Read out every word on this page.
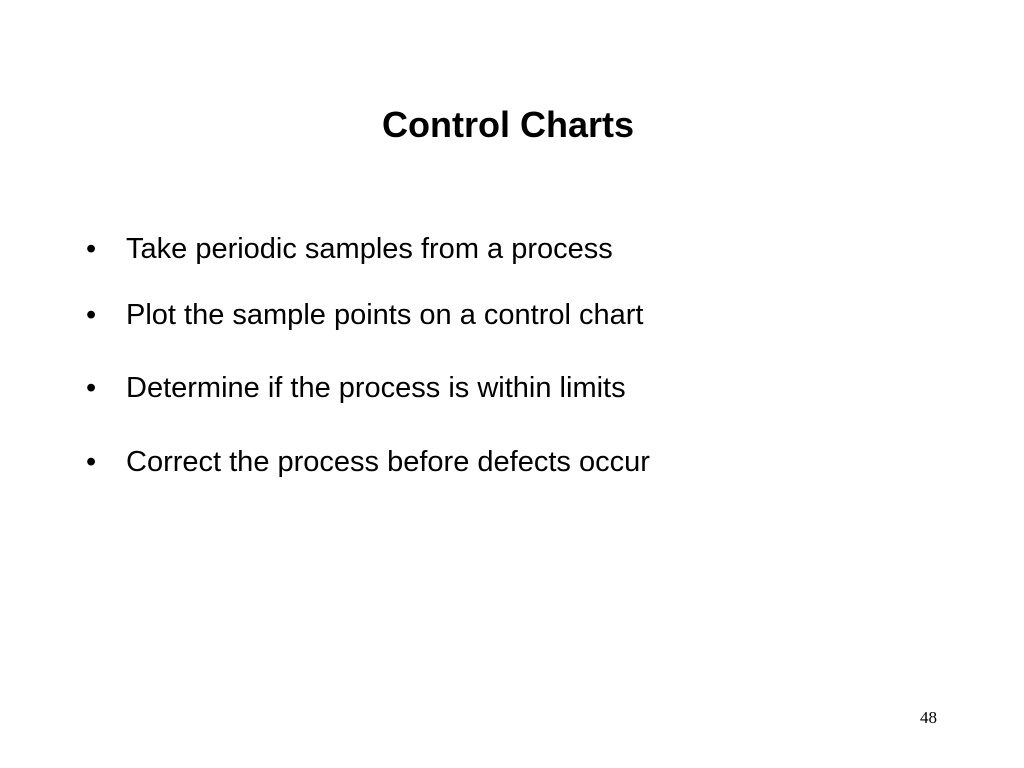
Control Charts
• Take periodic samples from a process
• Plot the sample points on a control chart
• Determine if the process is within limits
• Correct the process before defects occur
48
